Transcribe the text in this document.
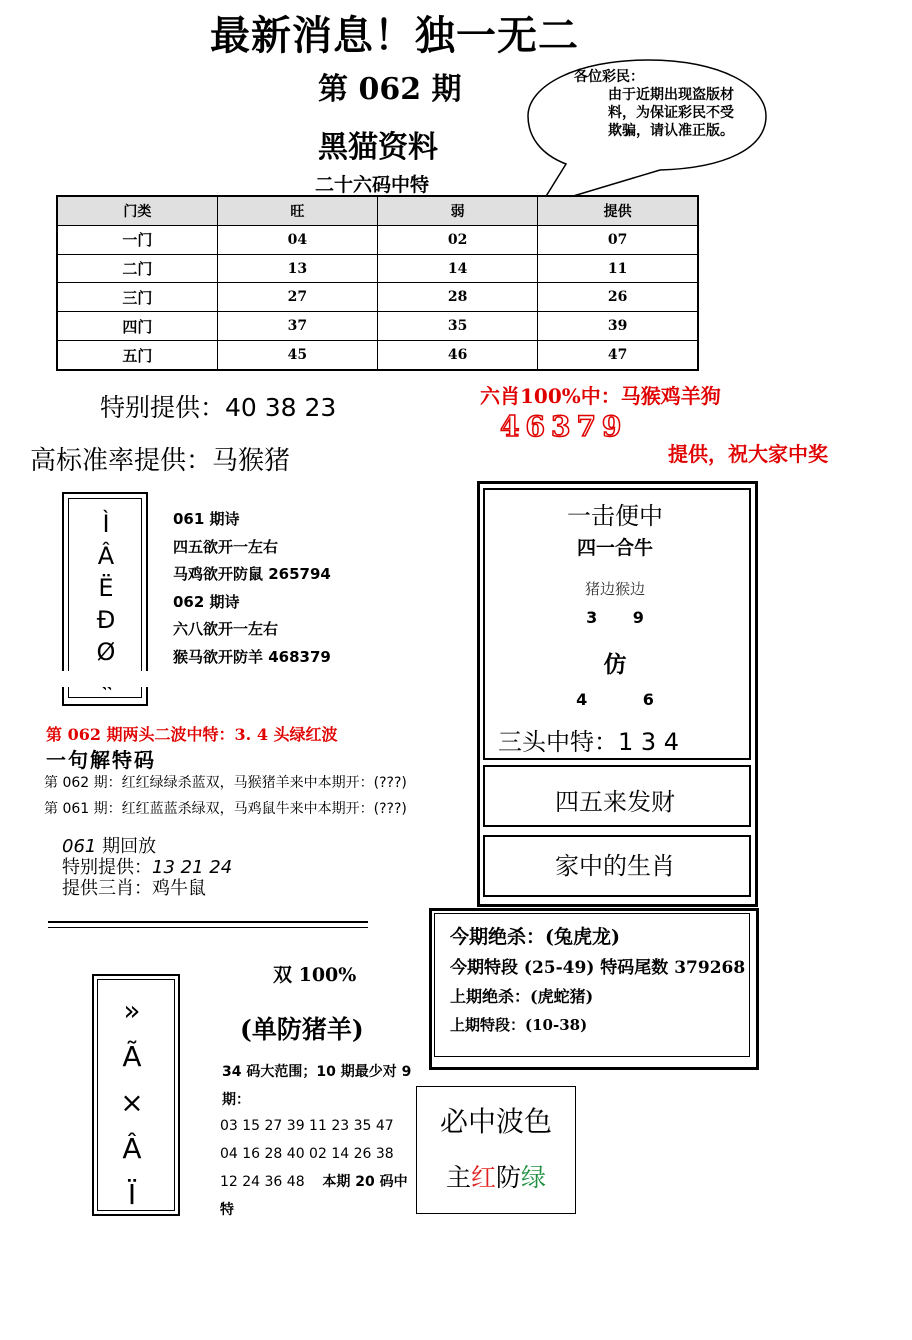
最新消息！独一无二
第 062 期
黑猫资料
二十六码中特
各位彩民：
由于近期出现盗版材料，为保证彩民不受欺骗，请认准正版。
门类	旺	弱	提供
一门	04	02	07
二门	13	14	11
三门	27	28	26
四门	37	35	39
五门	45	46	47
特别提供：40 38 23	六肖100%中：马猴鸡羊狗
46379
提供，祝大家中奖
高标准率提供：马猴猪
Ì
Â
Ë
Đ
Ø
061 期诗
四五欲开一左右
马鸡欲开防鼠 265794
062 期诗
六八欲开一左右
猴马欲开防羊 468379
第 062 期两头二波中特：3. 4 头绿红波
一句解特码
第 062 期：红红绿绿杀蓝双，马猴猪羊来中本期开：(???)
第 061 期：红红蓝蓝杀绿双，马鸡鼠牛来中本期开：(???)
061 期回放
特别提供：13 21 24
提供三肖：鸡牛鼠
一击便中
四一合牛
猪边猴边
3 9
仿
4 6
三头中特：1 3 4
四五来发财
家中的生肖
今期绝杀：(兔虎龙)
今期特段 (25-49) 特码尾数 379268
上期绝杀：(虎蛇猪)
上期特段：(10-38)
»
Ã
×
Â
Ï
双 100%
(单防猪羊)
34 码大范围；10 期最少对 9 期：
03 15 27 39 11 23 35 47
04 16 28 40 02 14 26 38
12 24 36 48 本期 20 码中特
必中波色
主红防绿
